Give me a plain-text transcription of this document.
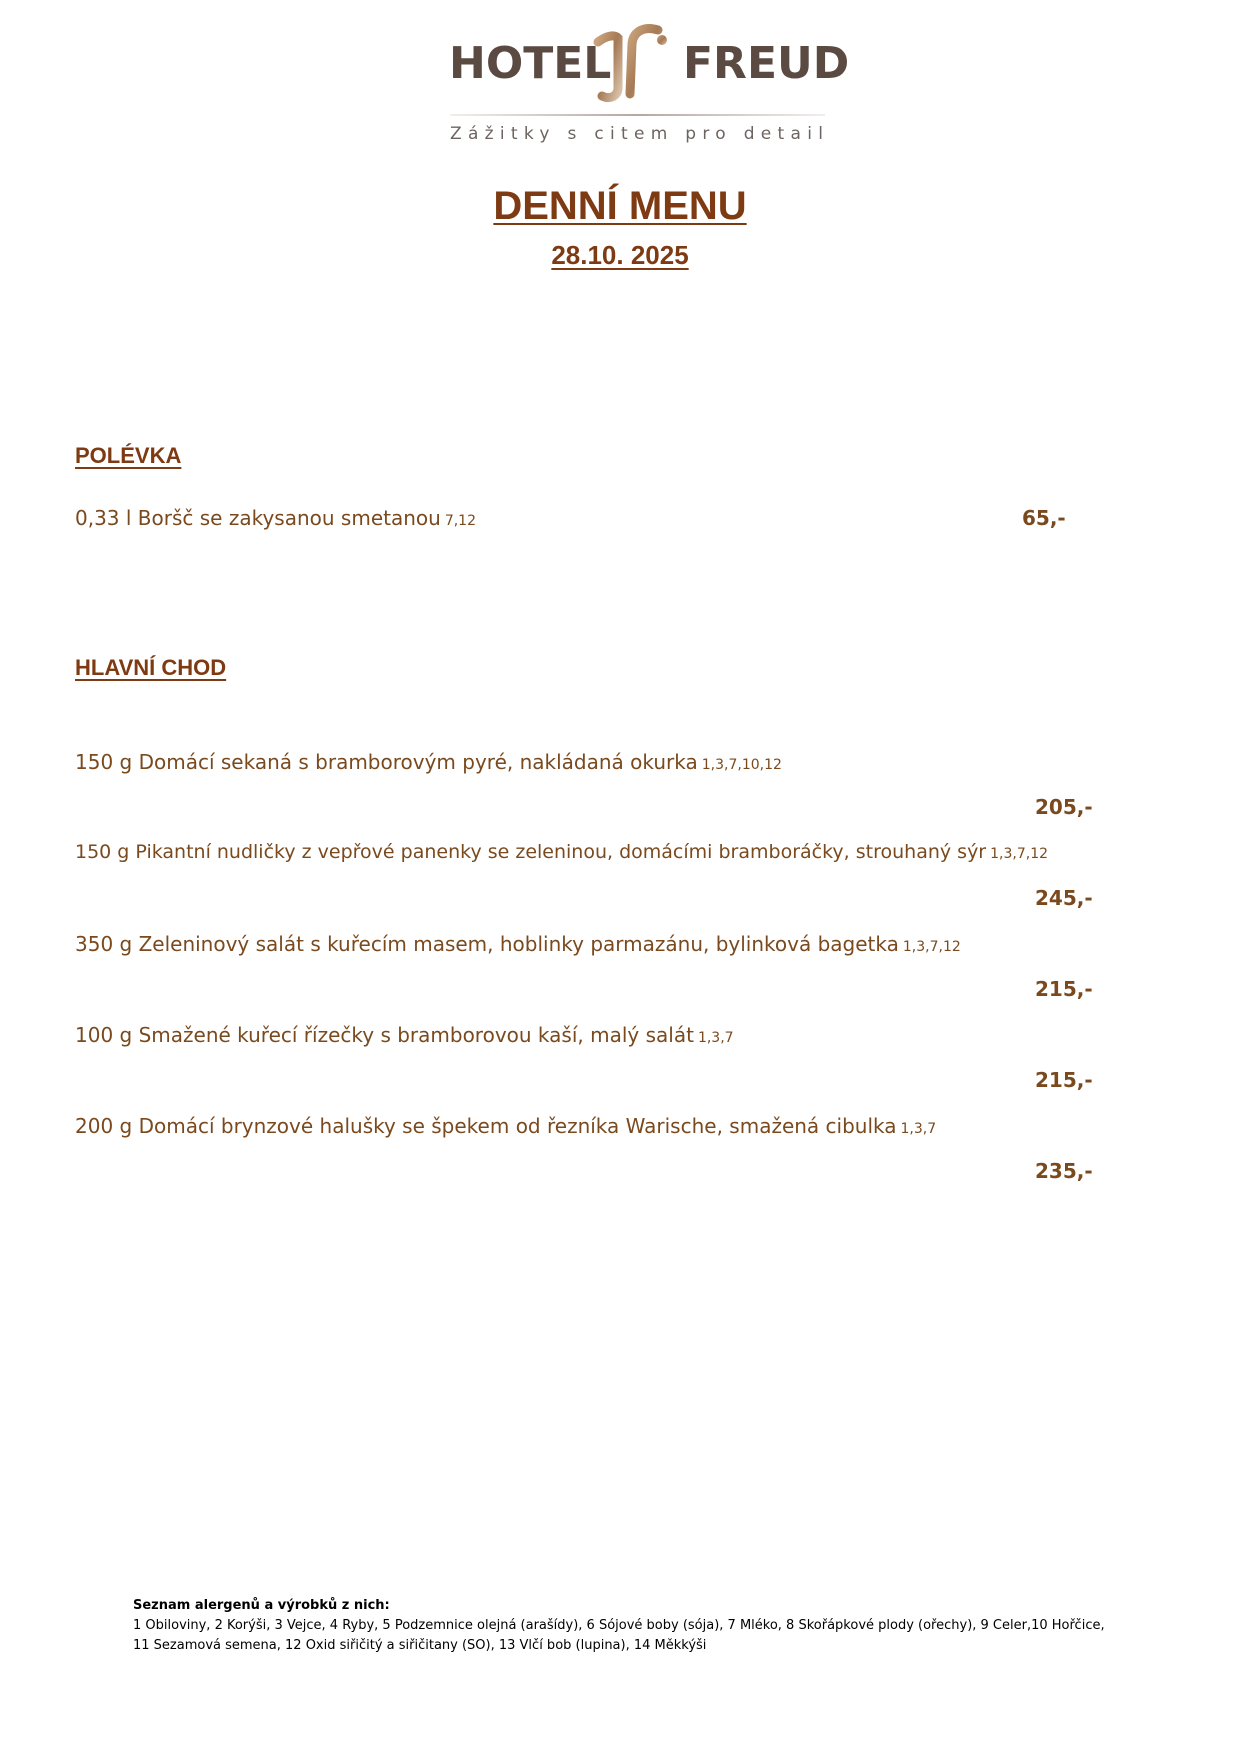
HOTEL FREUD
Zážitky s citem pro detail
DENNÍ MENU
28.10. 2025
POLÉVKA
0,33 l Boršč se zakysanou smetanou 7,12	65,-
HLAVNÍ CHOD
150 g Domácí sekaná s bramborovým pyré, nakládaná okurka 1,3,7,10,12
205,-
150 g Pikantní nudličky z vepřové panenky se zeleninou, domácími bramboráčky, strouhaný sýr 1,3,7,12
245,-
350 g Zeleninový salát s kuřecím masem, hoblinky parmazánu, bylinková bagetka 1,3,7,12
215,-
100 g Smažené kuřecí řízečky s bramborovou kaší, malý salát 1,3,7
215,-
200 g Domácí brynzové halušky se špekem od řezníka Warische, smažená cibulka 1,3,7
235,-
Seznam alergenů a výrobků z nich:
1 Obiloviny, 2 Korýši, 3 Vejce, 4 Ryby, 5 Podzemnice olejná (arašídy), 6 Sójové boby (sója), 7 Mléko, 8 Skořápkové plody (ořechy), 9 Celer,10 Hořčice,
11 Sezamová semena, 12 Oxid siřičitý a siřičitany (SO), 13 Vlčí bob (lupina), 14 Měkkýši
